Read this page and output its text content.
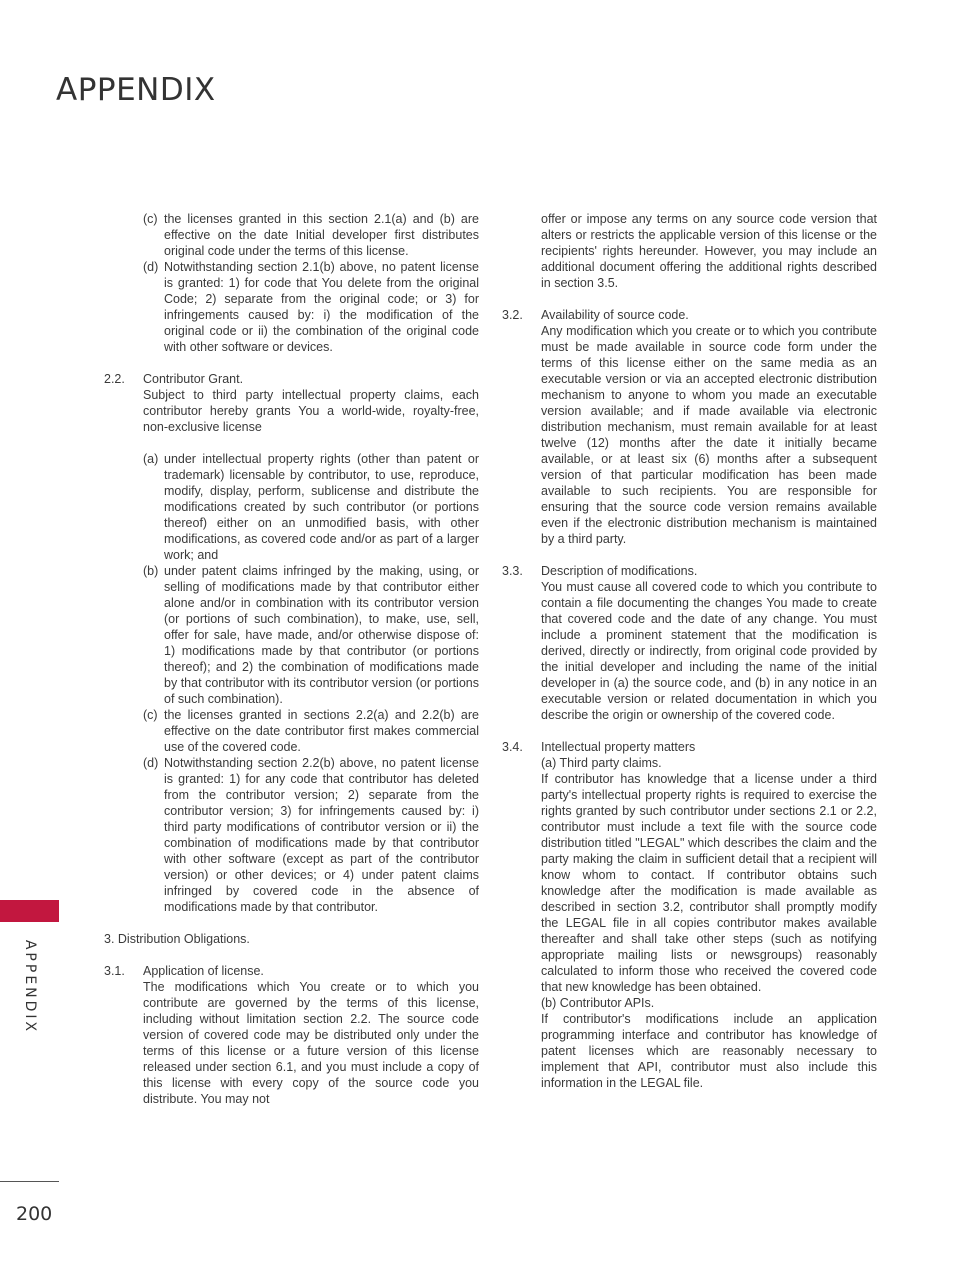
APPENDIX
APPENDIX
200

(c) the licenses granted in this section 2.1(a) and (b) are effective on the date Initial developer first distributes original code under the terms of this license.

(d) Notwithstanding section 2.1(b) above, no patent license is granted: 1) for code that You delete from the original Code; 2) separate from the original code; or 3) for infringements caused by: i) the modification of the original code or ii) the combination of the original code with other software or devices.

2.2. Contributor Grant.

Subject to third party intellectual property claims, each contributor hereby grants You a world-wide, royalty-free, non-exclusive license

(a) under intellectual property rights (other than patent or trademark) licensable by contributor, to use, reproduce, modify, display, perform, sublicense and distribute the modifications created by such contributor (or portions thereof) either on an unmodified basis, with other modifications, as covered code and/or as part of a larger work; and

(b) under patent claims infringed by the making, using, or selling of modifications made by that contributor either alone and/or in combination with its contributor version (or portions of such combination), to make, use, sell, offer for sale, have made, and/or otherwise dispose of: 1) modifications made by that contributor (or portions thereof); and 2) the combination of modifications made by that contributor with its contributor version (or portions of such combination).

(c) the licenses granted in sections 2.2(a) and 2.2(b) are effective on the date contributor first makes commercial use of the covered code.

(d) Notwithstanding section 2.2(b) above, no patent license is granted: 1) for any code that contributor has deleted from the contributor version; 2) separate from the contributor version; 3) for infringements caused by: i) third party modifications of contributor version or ii) the combination of modifications made by that contributor with other software (except as part of the contributor version) or other devices; or 4) under patent claims infringed by covered code in the absence of modifications made by that contributor.

3. Distribution Obligations.

3.1. Application of license.

The modifications which You create or to which you contribute are governed by the terms of this license, including without limitation section 2.2. The source code version of covered code may be distributed only under the terms of this license or a future version of this license released under section 6.1, and you must include a copy of this license with every copy of the source code you distribute. You may not

offer or impose any terms on any source code version that alters or restricts the applicable version of this license or the recipients' rights hereunder. However, you may include an additional document offering the additional rights described in section 3.5.

3.2. Availability of source code.

Any modification which you create or to which you contribute must be made available in source code form under the terms of this license either on the same media as an executable version or via an accepted electronic distribution mechanism to anyone to whom you made an executable version available; and if made available via electronic distribution mechanism, must remain available for at least twelve (12) months after the date it initially became available, or at least six (6) months after a subsequent version of that particular modification has been made available to such recipients. You are responsible for ensuring that the source code version remains available even if the electronic distribution mechanism is maintained by a third party.

3.3. Description of modifications.

You must cause all covered code to which you contribute to contain a file documenting the changes You made to create that covered code and the date of any change. You must include a prominent statement that the modification is derived, directly or indirectly, from original code provided by the initial developer and including the name of the initial developer in (a) the source code, and (b) in any notice in an executable version or related documentation in which you describe the origin or ownership of the covered code.

3.4. Intellectual property matters

(a) Third party claims.

If contributor has knowledge that a license under a third party's intellectual property rights is required to exercise the rights granted by such contributor under sections 2.1 or 2.2, contributor must include a text file with the source code distribution titled "LEGAL" which describes the claim and the party making the claim in sufficient detail that a recipient will know whom to contact. If contributor obtains such knowledge after the modification is made available as described in section 3.2, contributor shall promptly modify the LEGAL file in all copies contributor makes available thereafter and shall take other steps (such as notifying appropriate mailing lists or newsgroups) reasonably calculated to inform those who received the covered code that new knowledge has been obtained.

(b) Contributor APIs.

If contributor's modifications include an application programming interface and contributor has knowledge of patent licenses which are reasonably necessary to implement that API, contributor must also include this information in the LEGAL file.
